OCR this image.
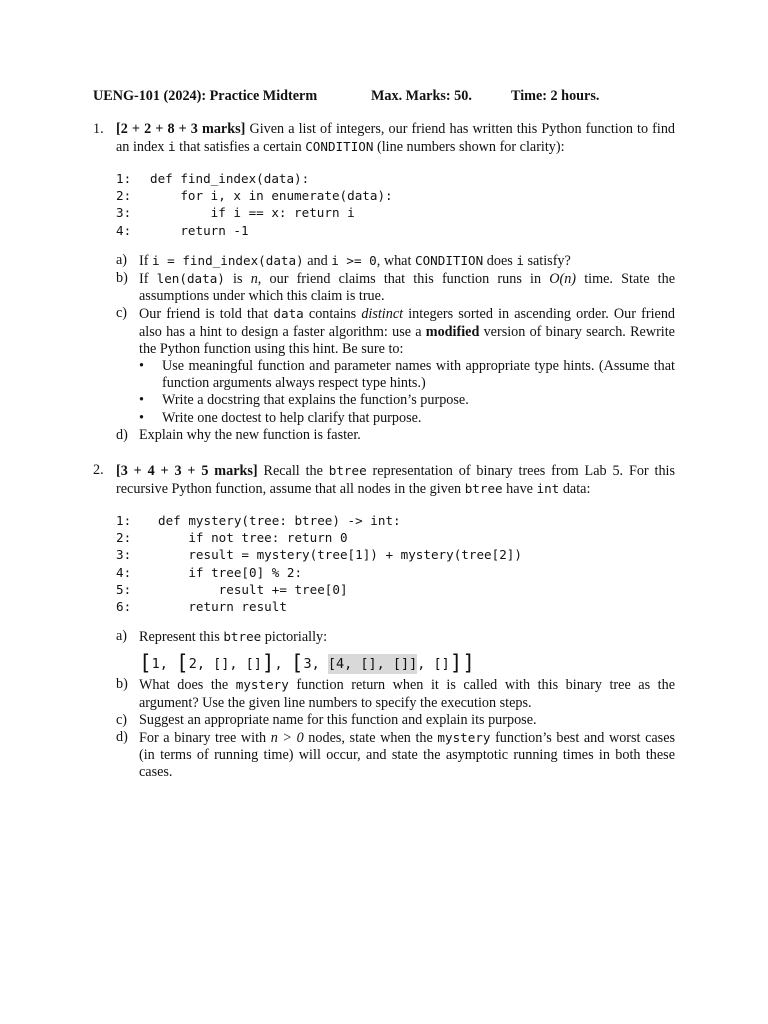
UENG-101 (2024): Practice Midterm	Max. Marks: 50.	Time: 2 hours.
1. [2 + 2 + 8 + 3 marks] Given a list of integers, our friend has written this Python function to find an index i that satisfies a certain CONDITION (line numbers shown for clarity):
1:	def find_index(data):
2:	for i, x in enumerate(data):
3:	if i == x: return i
4:	return -1
a) If i = find_index(data) and i >= 0, what CONDITION does i satisfy?
b) If len(data) is n, our friend claims that this function runs in O(n) time. State the assumptions under which this claim is true.
c) Our friend is told that data contains distinct integers sorted in ascending order. Our friend also has a hint to design a faster algorithm: use a modified version of binary search. Rewrite the Python function using this hint. Be sure to:
• Use meaningful function and parameter names with appropriate type hints. (Assume that function arguments always respect type hints.)
• Write a docstring that explains the function’s purpose.
• Write one doctest to help clarify that purpose.
d) Explain why the new function is faster.
2. [3 + 4 + 3 + 5 marks] Recall the btree representation of binary trees from Lab 5. For this recursive Python function, assume that all nodes in the given btree have int data:
1:	def mystery(tree: btree) -> int:
2:	if not tree: return 0
3:	result = mystery(tree[1]) + mystery(tree[2])
4:	if tree[0] % 2:
5:	result += tree[0]
6:	return result
a) Represent this btree pictorially:
[1, [2, [], []], [3, [4, [], []], []]]
b) What does the mystery function return when it is called with this binary tree as the argument? Use the given line numbers to specify the execution steps.
c) Suggest an appropriate name for this function and explain its purpose.
d) For a binary tree with n > 0 nodes, state when the mystery function’s best and worst cases (in terms of running time) will occur, and state the asymptotic running times in both these cases.
